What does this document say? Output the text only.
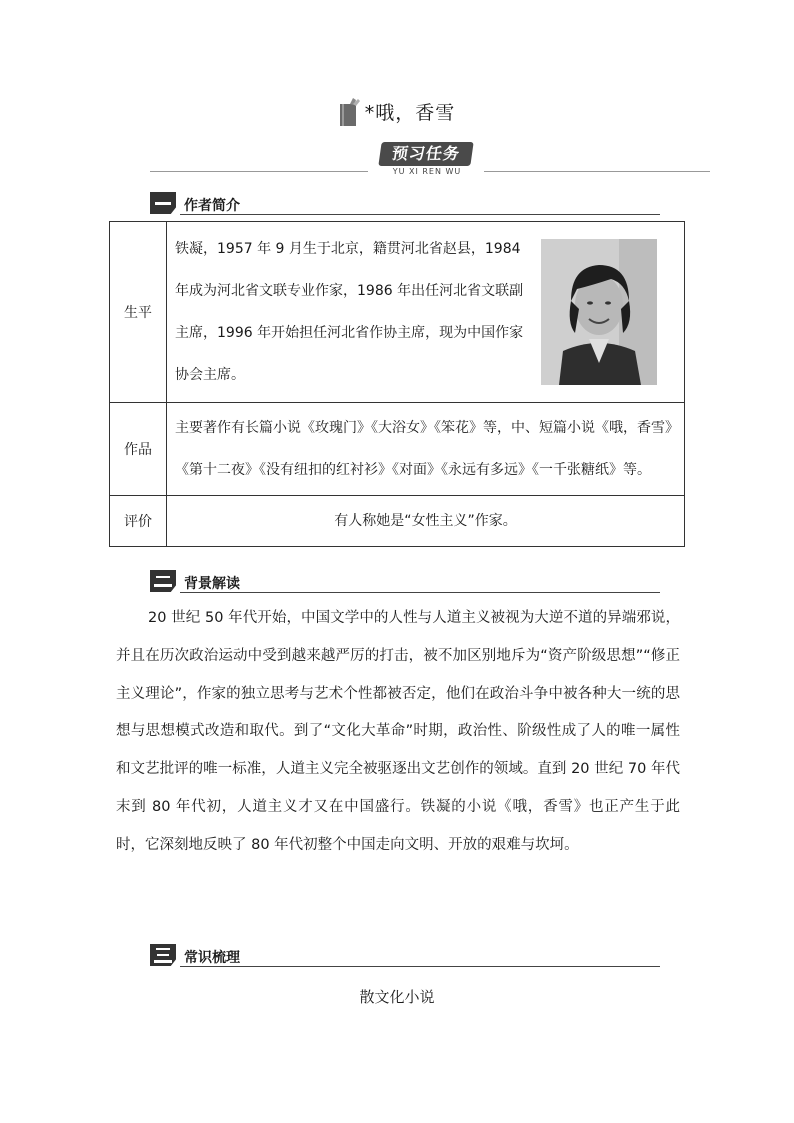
*哦，香雪
预习任务
YU XI REN WU
作者简介
生平	铁凝，1957 年 9 月生于北京，籍贯河北省赵县，1984 年成为河北省文联专业作家，1986 年出任河北省文联副主席，1996 年开始担任河北省作协主席，现为中国作家协会主席。

作品	主要著作有长篇小说《玫瑰门》《大浴女》《笨花》等，中、短篇小说《哦，香雪》《第十二夜》《没有纽扣的红衬衫》《对面》《永远有多远》《一千张糖纸》等。
评价	有人称她是“女性主义”作家。
背景解读
20 世纪 50 年代开始，中国文学中的人性与人道主义被视为大逆不道的异端邪说，并且在历次政治运动中受到越来越严厉的打击，被不加区别地斥为“资产阶级思想”“修正主义理论”，作家的独立思考与艺术个性都被否定，他们在政治斗争中被各种大一统的思想与思想模式改造和取代。到了“文化大革命”时期，政治性、阶级性成了人的唯一属性和文艺批评的唯一标准，人道主义完全被驱逐出文艺创作的领域。直到 20 世纪 70 年代末到 80 年代初，人道主义才又在中国盛行。铁凝的小说《哦，香雪》也正产生于此时，它深刻地反映了 80 年代初整个中国走向文明、开放的艰难与坎坷。
常识梳理
散文化小说
